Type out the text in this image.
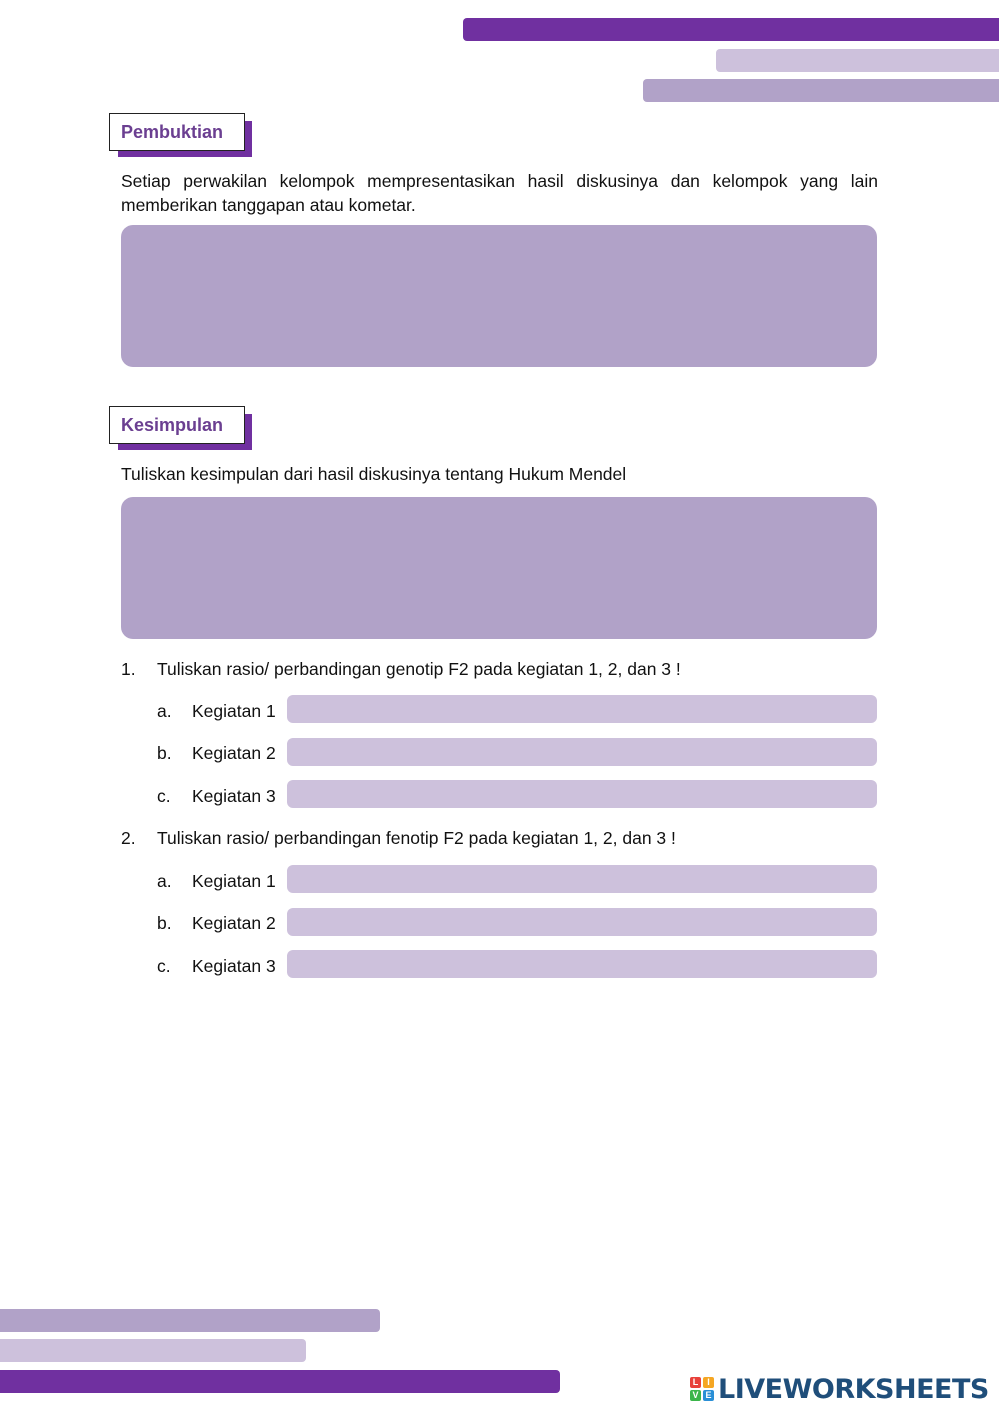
Pembuktian

Setiap perwakilan kelompok mempresentasikan hasil diskusinya dan kelompok yang lain memberikan tanggapan atau kometar.

Kesimpulan

Tuliskan kesimpulan dari hasil diskusinya tentang Hukum Mendel

1. Tuliskan rasio/ perbandingan genotip F2 pada kegiatan 1, 2, dan 3 !
a. Kegiatan 1
b. Kegiatan 2
c. Kegiatan 3
2. Tuliskan rasio/ perbandingan fenotip F2 pada kegiatan 1, 2, dan 3 !
a. Kegiatan 1
b. Kegiatan 2
c. Kegiatan 3
L I
V E LIVEWORKSHEETS
